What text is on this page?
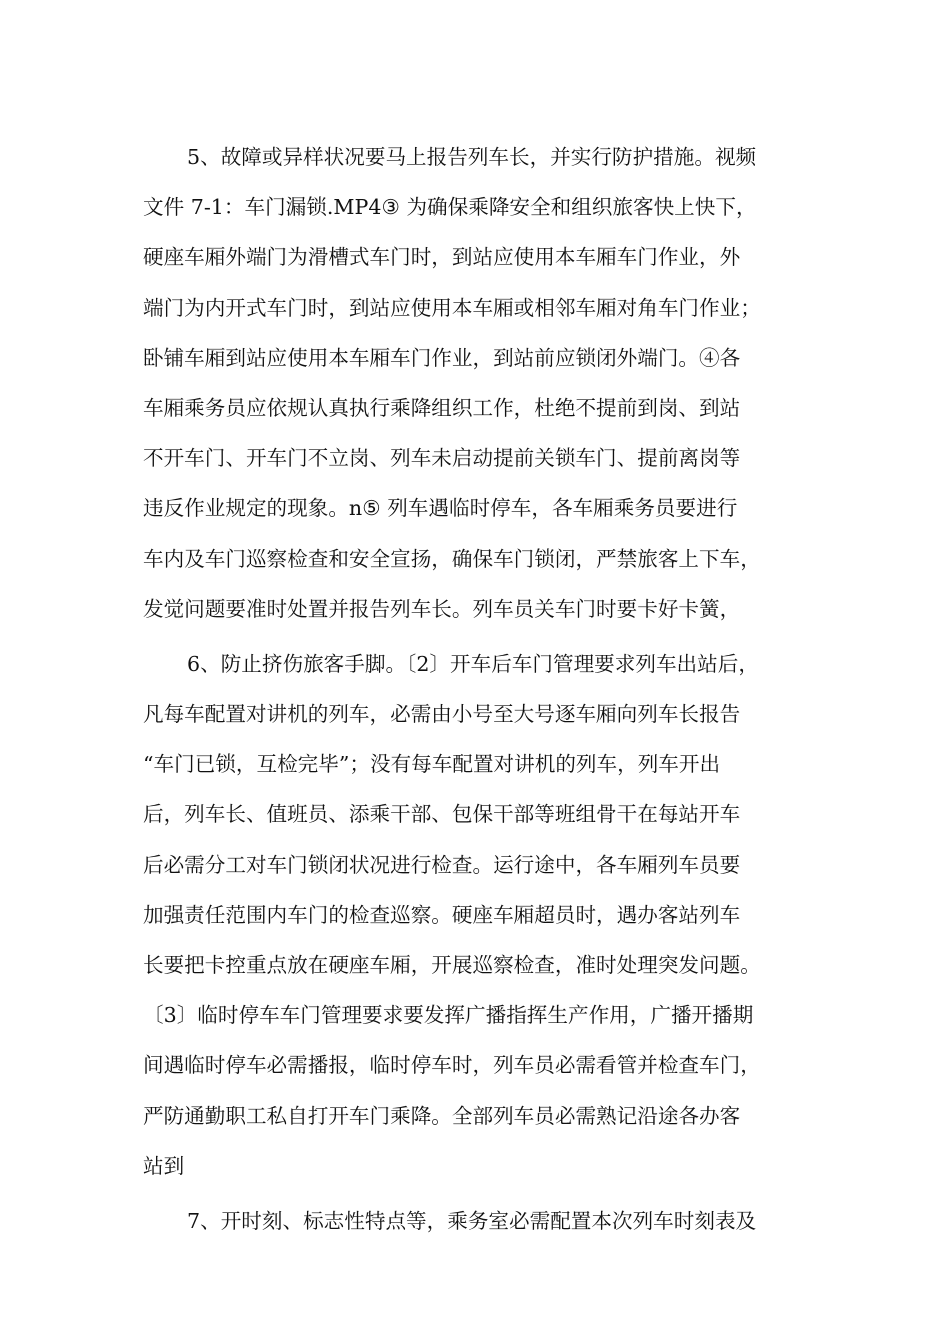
5、故障或异样状况要马上报告列车长，并实行防护措施。视频
文件 7-1：车门漏锁.MP4③ 为确保乘降安全和组织旅客快上快下，
硬座车厢外端门为滑槽式车门时，到站应使用本车厢车门作业，外
端门为内开式车门时，到站应使用本车厢或相邻车厢对角车门作业；
卧铺车厢到站应使用本车厢车门作业，到站前应锁闭外端门。④各
车厢乘务员应依规认真执行乘降组织工作，杜绝不提前到岗、到站
不开车门、开车门不立岗、列车未启动提前关锁车门、提前离岗等
违反作业规定的现象。n⑤ 列车遇临时停车，各车厢乘务员要进行
车内及车门巡察检查和安全宣扬，确保车门锁闭，严禁旅客上下车，
发觉问题要准时处置并报告列车长。列车员关车门时要卡好卡簧，
6、防止挤伤旅客手脚。〔2〕开车后车门管理要求列车出站后，
凡每车配置对讲机的列车，必需由小号至大号逐车厢向列车长报告
“车门已锁，互检完毕”；没有每车配置对讲机的列车，列车开出
后，列车长、值班员、添乘干部、包保干部等班组骨干在每站开车
后必需分工对车门锁闭状况进行检查。运行途中，各车厢列车员要
加强责任范围内车门的检查巡察。硬座车厢超员时，遇办客站列车
长要把卡控重点放在硬座车厢，开展巡察检查，准时处理突发问题。
〔3〕临时停车车门管理要求要发挥广播指挥生产作用，广播开播期
间遇临时停车必需播报，临时停车时，列车员必需看管并检查车门，
严防通勤职工私自打开车门乘降。全部列车员必需熟记沿途各办客
站到
7、开时刻、标志性特点等，乘务室必需配置本次列车时刻表及
